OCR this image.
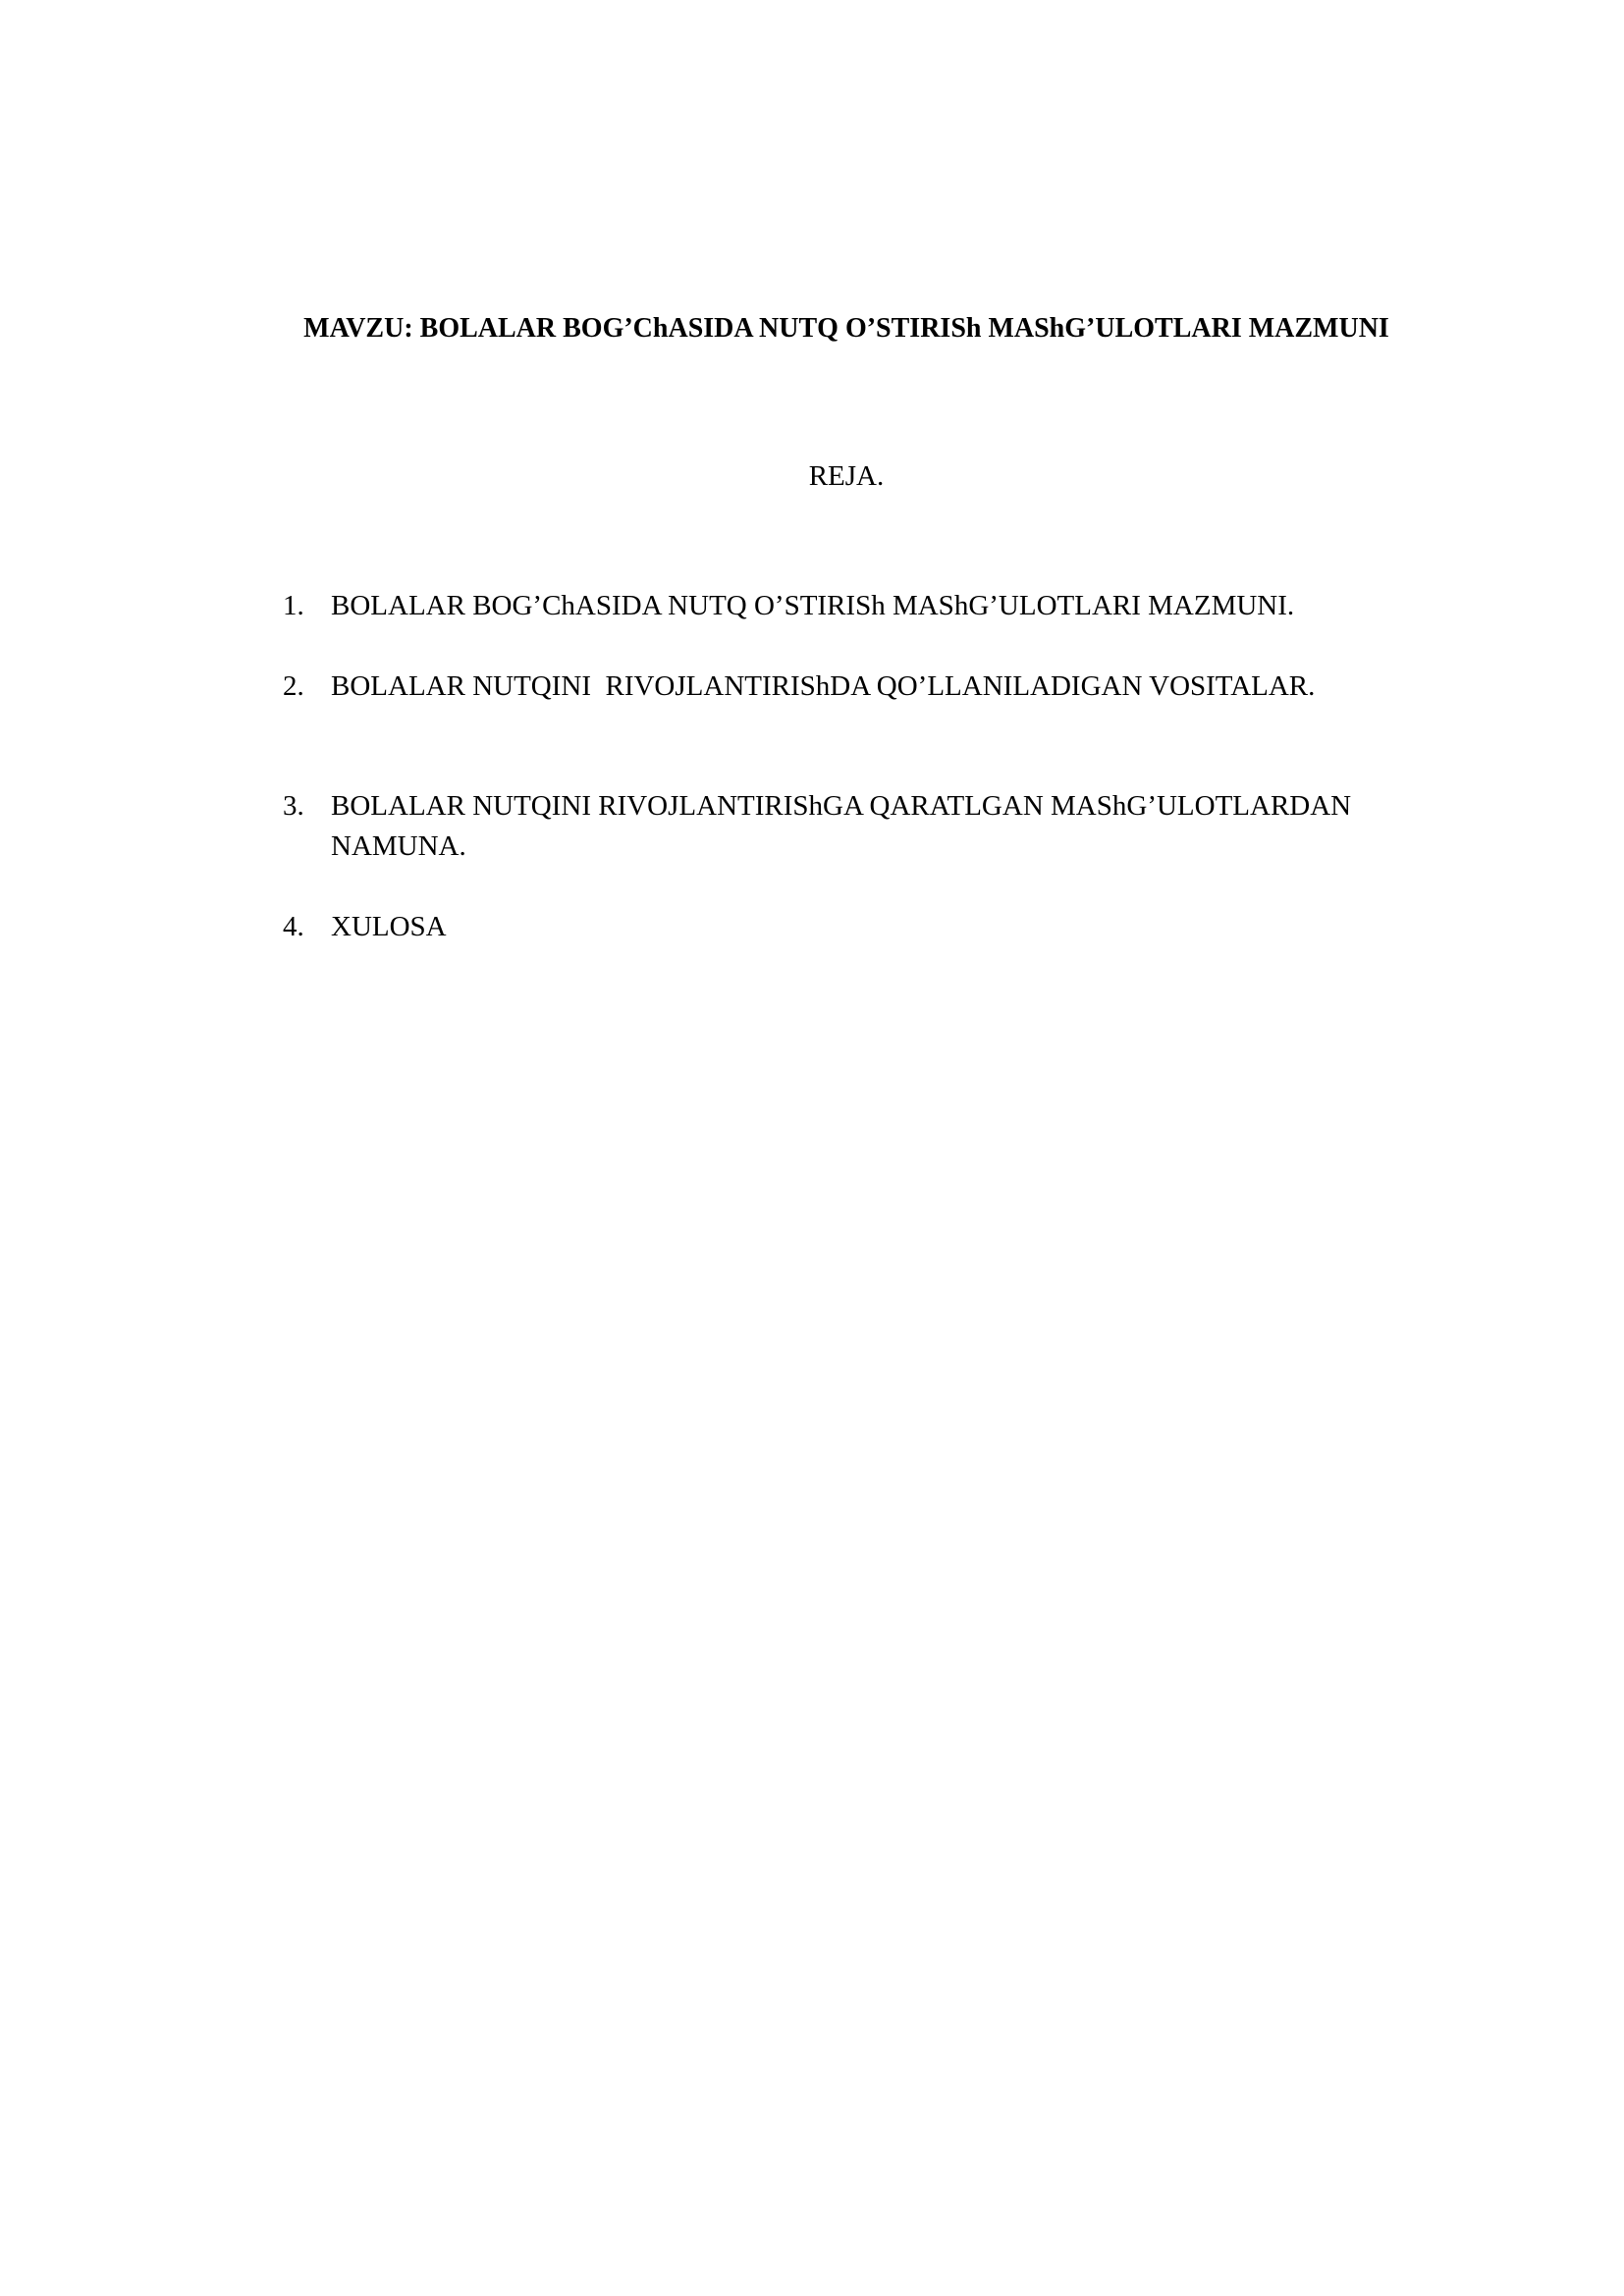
MAVZU: BOLALAR BOG’ChASIDA NUTQ O’STIRISh MAShG’ULOTLARI MAZMUNI
REJA.
1. BOLALAR BOG’ChASIDA NUTQ O’STIRISh MAShG’ULOTLARI MAZMUNI.
2. BOLALAR NUTQINI  RIVOJLANTIRIShDA QO’LLANILADIGAN VOSITALAR.
3. BOLALAR NUTQINI RIVOJLANTIRIShGA QARATLGAN MAShG’ULOTLARDAN NAMUNA.
4. XULOSA
